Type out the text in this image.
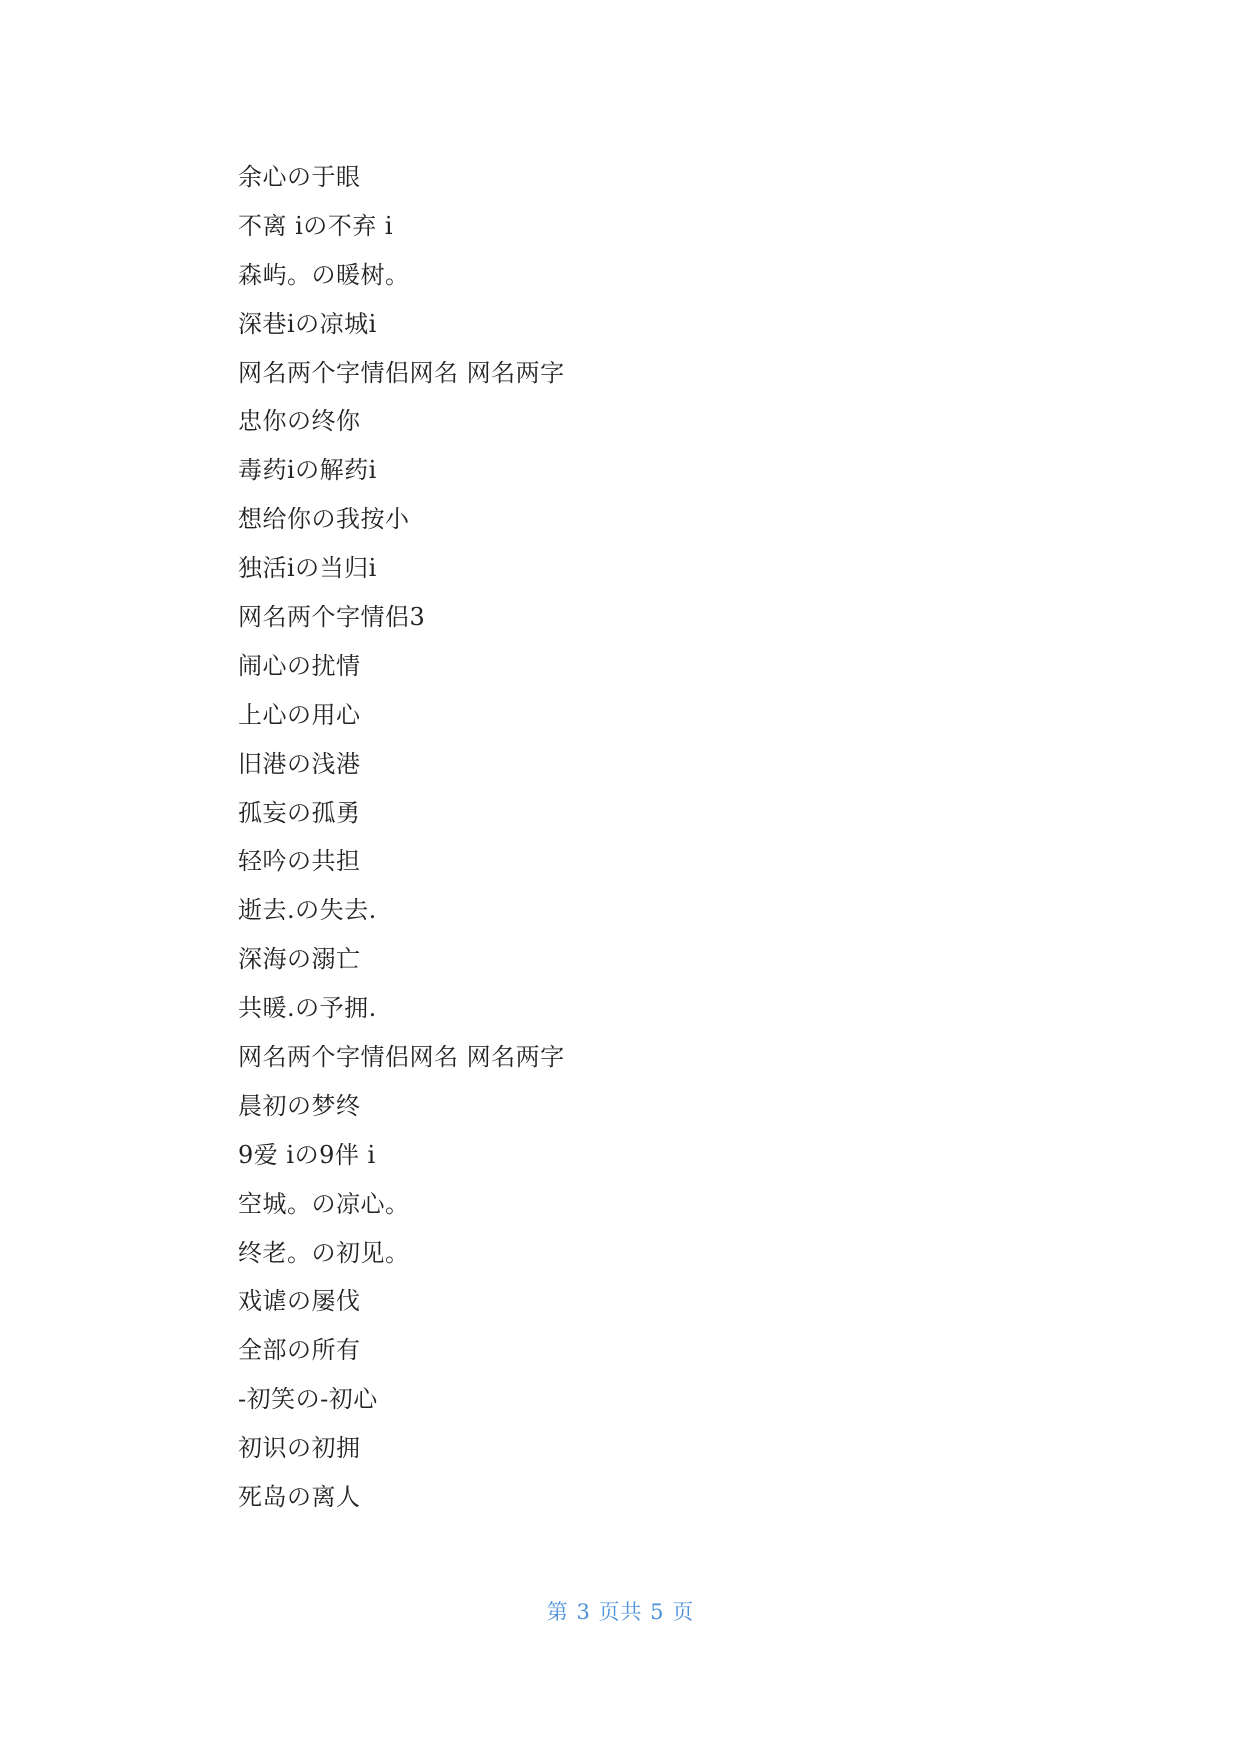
余心の于眼
不离 iの不弃 i
森屿。の暖树。
深巷iの凉城i
网名两个字情侣网名 网名两字
忠你の终你
毒药iの解药i
想给你の我按小
独活iの当归i
网名两个字情侣3
闹心の扰情
上心の用心
旧港の浅港
孤妄の孤勇
轻吟の共担
逝去.の失去.
深海の溺亡
共暖.の予拥.
网名两个字情侣网名 网名两字
晨初の梦终
9爱 iの9伴 i
空城。の凉心。
终老。の初见。
戏谑の屡伐
全部の所有
-初笑の-初心
初识の初拥
死岛の离人
第 3 页共 5 页
